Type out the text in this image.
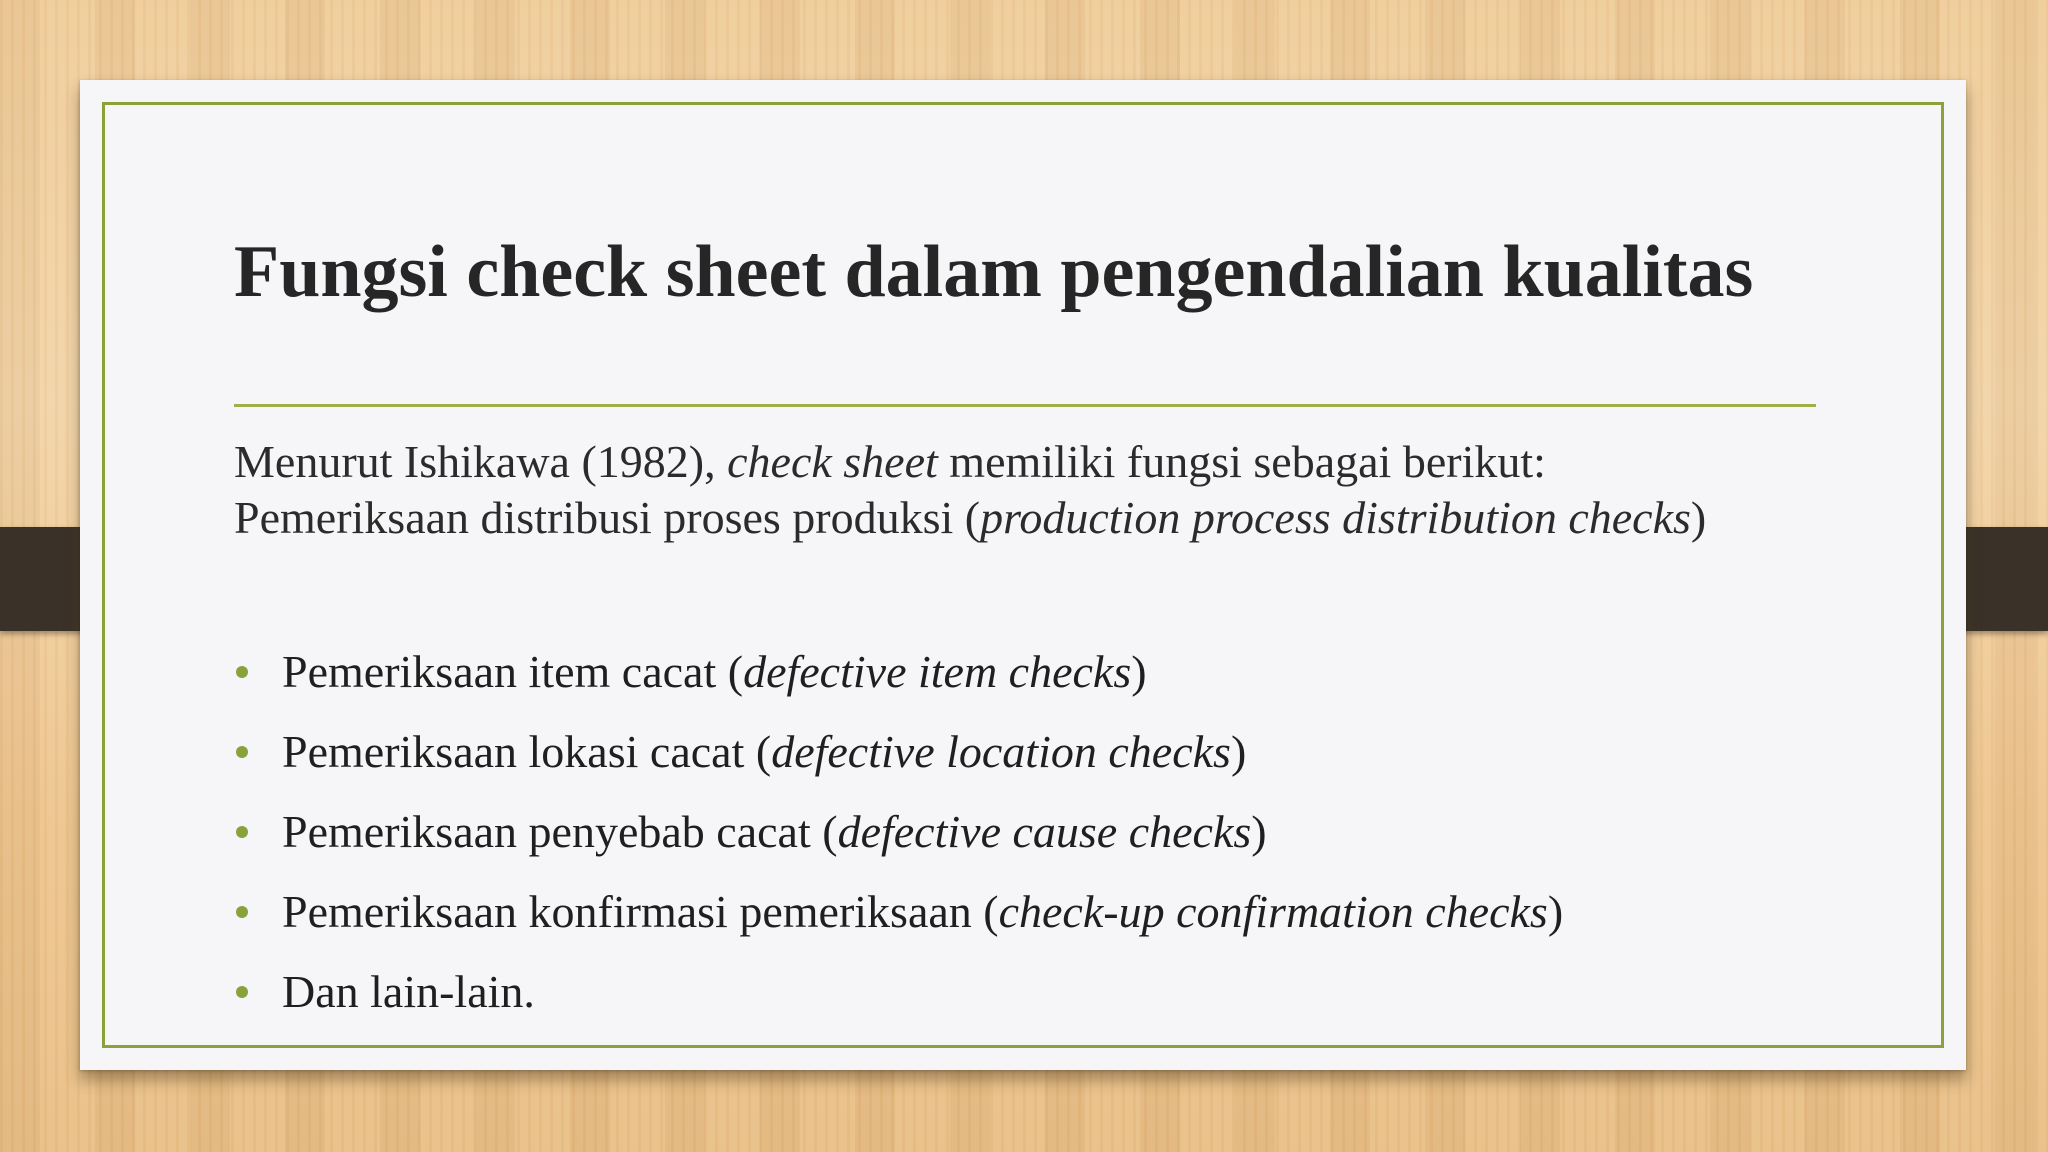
Fungsi check sheet dalam pengendalian kualitas
Menurut Ishikawa (1982), check sheet memiliki fungsi sebagai berikut:
Pemeriksaan distribusi proses produksi (production process distribution checks)
Pemeriksaan item cacat (defective item checks)
Pemeriksaan lokasi cacat (defective location checks)
Pemeriksaan penyebab cacat (defective cause checks)
Pemeriksaan konfirmasi pemeriksaan (check-up confirmation checks)
Dan lain-lain.
